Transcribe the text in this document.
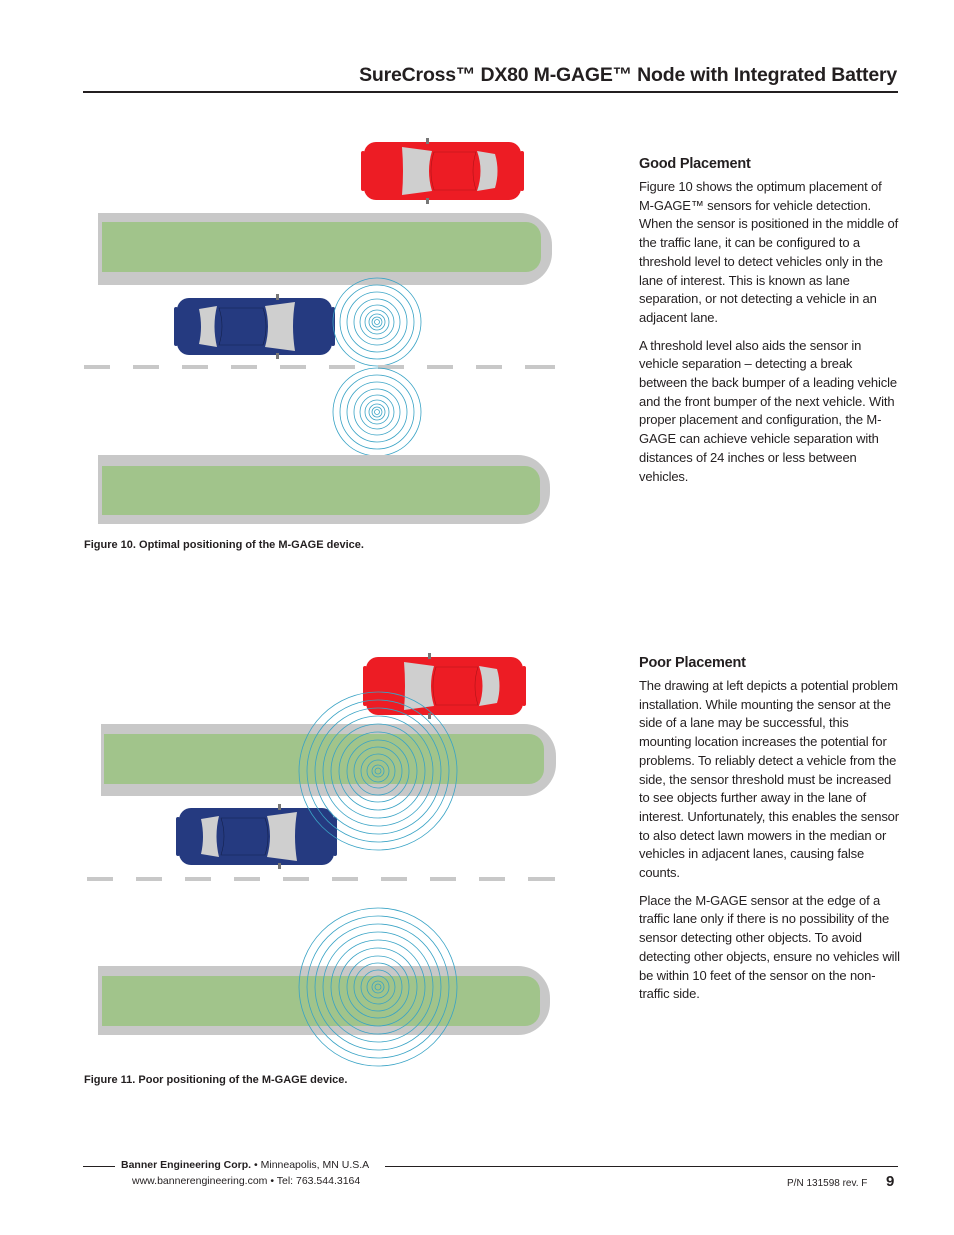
SureCross™ DX80 M-GAGE™ Node with Integrated Battery
Figure 10. Optimal positioning of the M-GAGE device.
Good Placement

Figure 10 shows the optimum placement of M-GAGE™ sensors for vehicle detection. When the sensor is positioned in the middle of the traffic lane, it can be configured to a threshold level to detect vehicles only in the lane of interest. This is known as lane separation, or not detecting a vehicle in an adjacent lane.

A threshold level also aids the sensor in vehicle separation – detecting a break between the back bumper of a leading vehicle and the front bumper of the next vehicle. With proper placement and configuration, the M-GAGE can achieve vehicle separation with distances of 24 inches or less between vehicles.

Figure 11. Poor positioning of the M-GAGE device.
Poor Placement

The drawing at left depicts a potential problem installation. While mounting the sensor at the side of a lane may be successful, this mounting location increases the potential for problems. To reliably detect a vehicle from the side, the sensor threshold must be increased to see objects further away in the lane of interest. Unfortunately, this enables the sensor to also detect lawn mowers in the median or vehicles in adjacent lanes, causing false counts.

Place the M-GAGE sensor at the edge of a traffic lane only if there is no possibility of the sensor detecting other objects. To avoid detecting other objects, ensure no vehicles will be within 10 feet of the sensor on the non-traffic side.

Banner Engineering Corp. • Minneapolis, MN U.S.A
www.bannerengineering.com • Tel: 763.544.3164	P/N 131598 rev. F 9
